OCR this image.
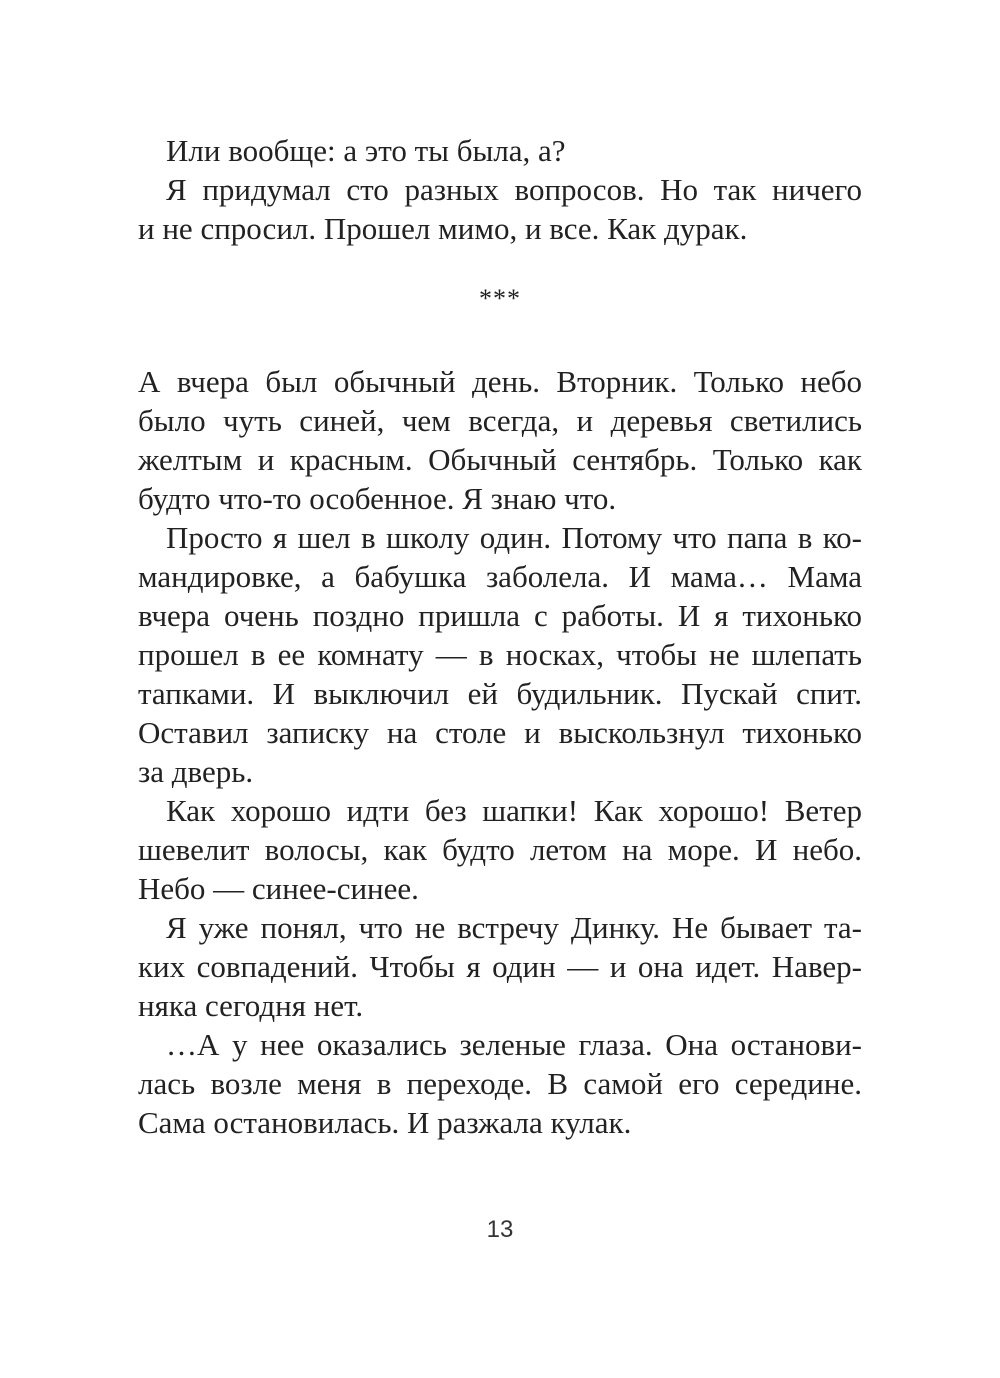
Или вообще: а это ты была, а?
Я придумал сто разных вопросов. Но так ничего
и не спросил. Прошел мимо, и все. Как дурак.
***
А вчера был обычный день. Вторник. Только небо
было чуть синей, чем всегда, и деревья светились
желтым и красным. Обычный сентябрь. Только как
будто что-то особенное. Я знаю что.
Просто я шел в школу один. Потому что папа в ко-
мандировке, а бабушка заболела. И мама… Мама
вчера очень поздно пришла с работы. И я тихонько
прошел в ее комнату — в носках, чтобы не шлепать
тапками. И выключил ей будильник. Пускай спит.
Оставил записку на столе и выскользнул тихонько
за дверь.
Как хорошо идти без шапки! Как хорошо! Ветер
шевелит волосы, как будто летом на море. И небо.
Небо — синее-синее.
Я уже понял, что не встречу Динку. Не бывает та-
ких совпадений. Чтобы я один — и она идет. Навер-
няка сегодня нет.
…А у нее оказались зеленые глаза. Она останови-
лась возле меня в переходе. В самой его середине.
Сама остановилась. И разжала кулак.
13
